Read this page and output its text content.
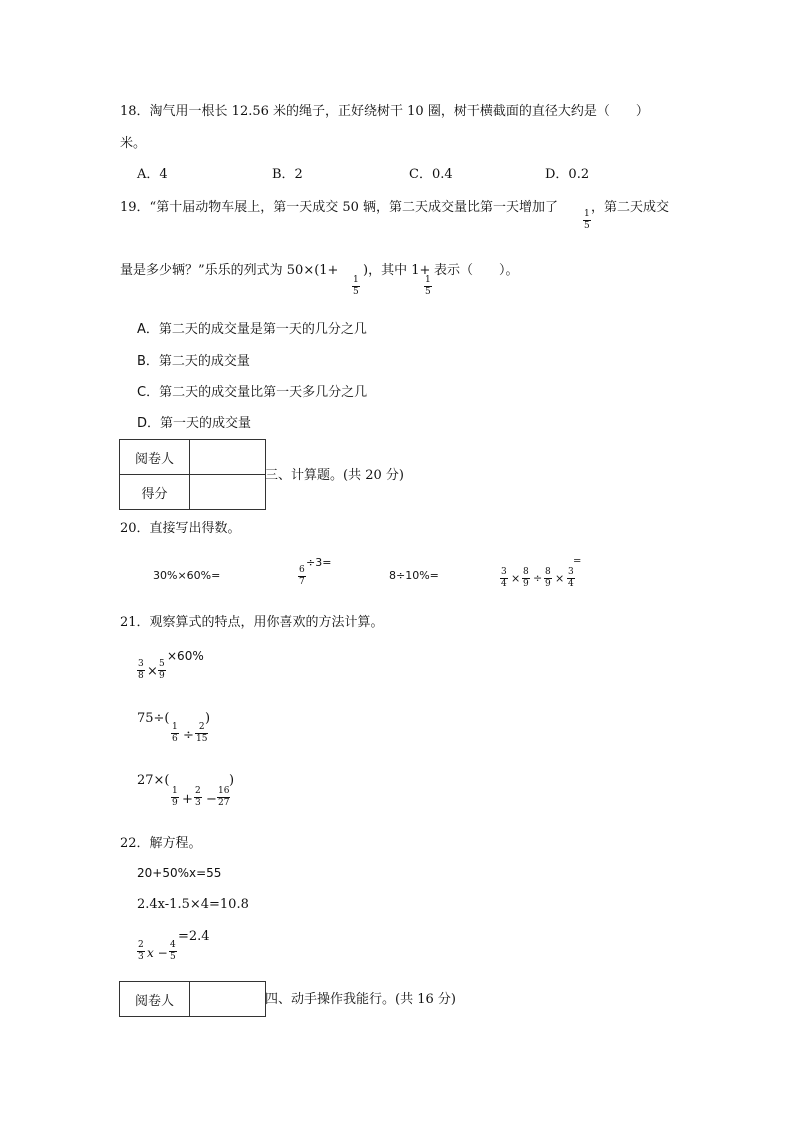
18．淘气用一根长 12.56 米的绳子，正好绕树干 10 圈，树干横截面的直径大约是（　　）
米。
A．4	B．2	C．0.4	D．0.2
19．“第十届动物车展上，第一天成交 50 辆，第二天成交量比第一天增加了	1
5
，第二天成交
量是多少辆？”乐乐的列式为 50×(1+
1
5
)，其中 1+
1
5
表示（　　）。
A．第二天的成交量是第一天的几分之几
B．第二天的成交量
C．第二天的成交量比第一天多几分之几
D．第一天的成交量
阅卷人	
得分	
三、计算题。(共 20 分)
20．直接写出得数。
30%×60%=
÷3=
6
7	8÷10%=	3
4 × 8
9 ÷ 8
9 × 3
4
=
21．观察算式的特点，用你喜欢的方法计算。
3
8 × 5
9
×60%
75÷(
1
6 ÷
2
15
)
27×(
1
9 +
2
3 −
16
27
)
22．解方程。
20+50%x=55
2.4x-1.5×4=10.8
2
3 x −
4
5
=2.4
阅卷人		四、动手操作我能行。(共 16 分)
